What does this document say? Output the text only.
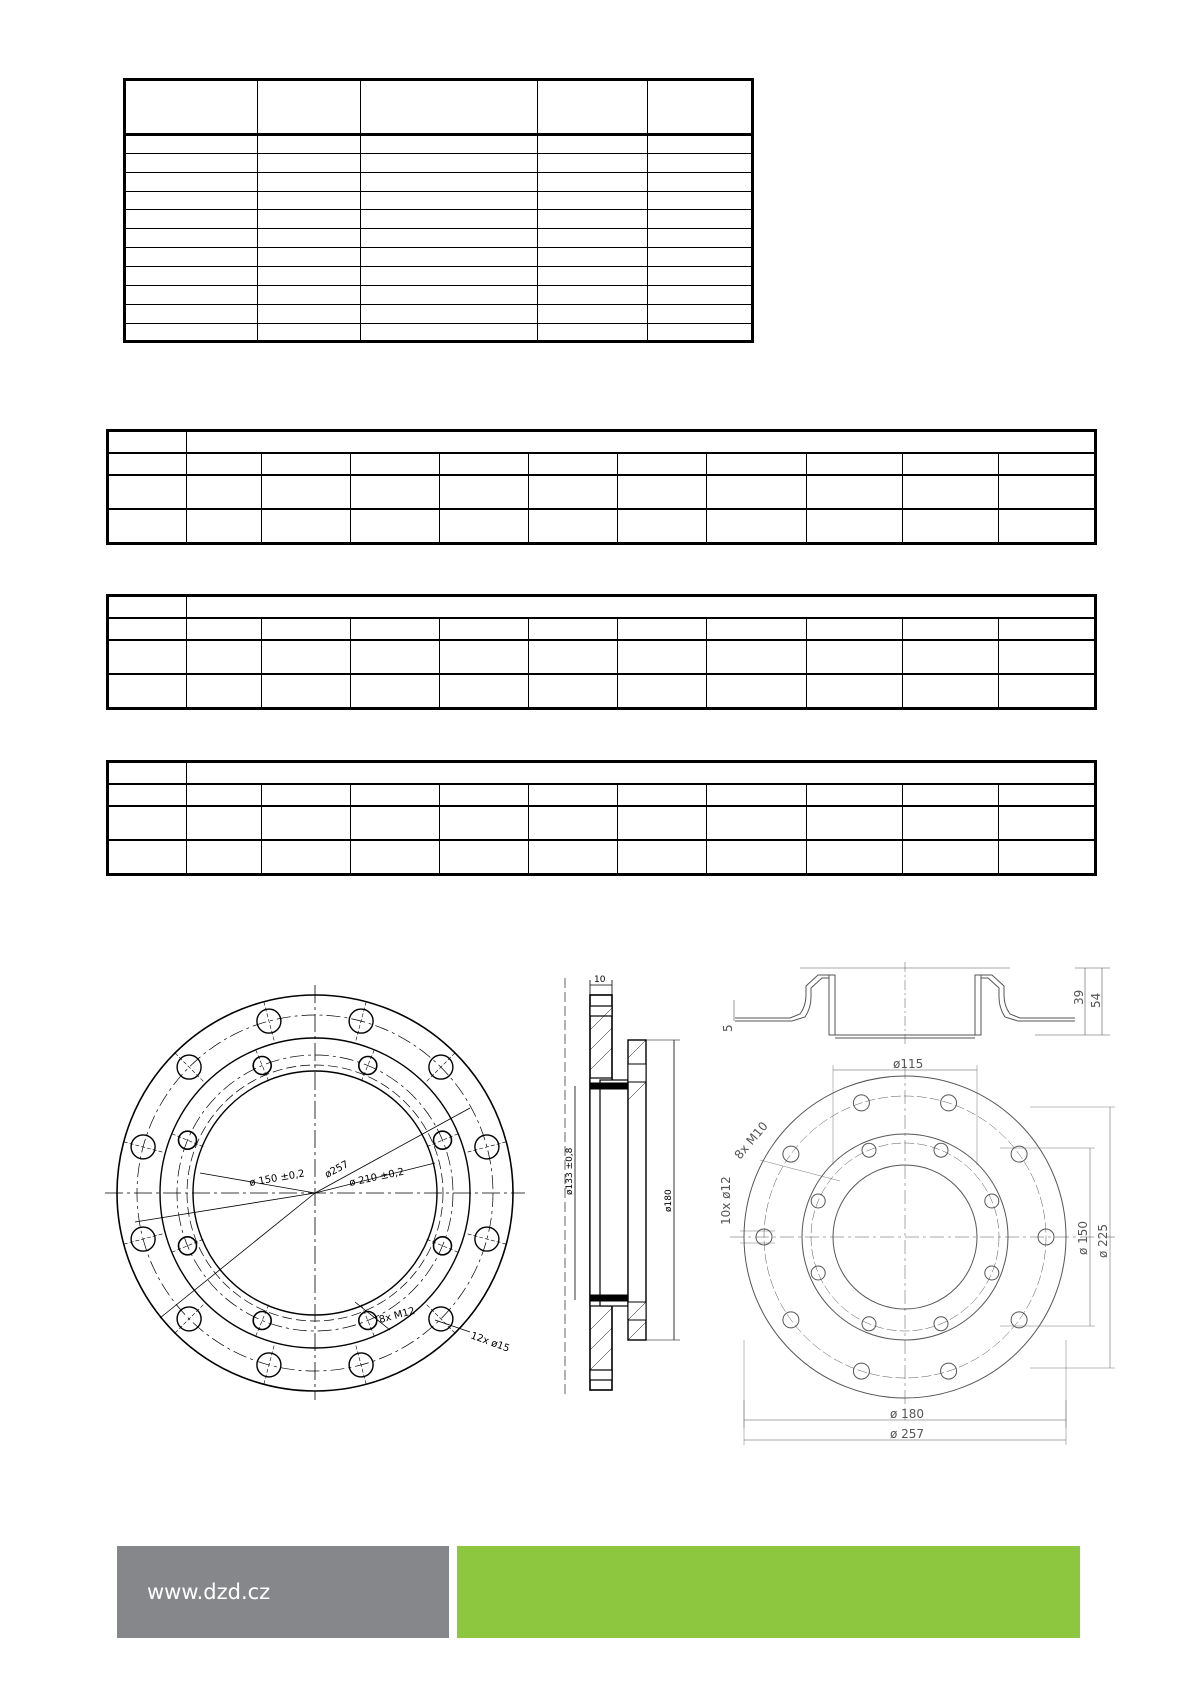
ø 150 ±0,2 ø257
ø 210 ±0,2
8x M12
12x ø15
10
ø133 ±0,8
ø180
5
39 54
ø115
8x M10
10x ø12
ø 150 ø 225
ø 180
ø 257
www.dzd.cz
